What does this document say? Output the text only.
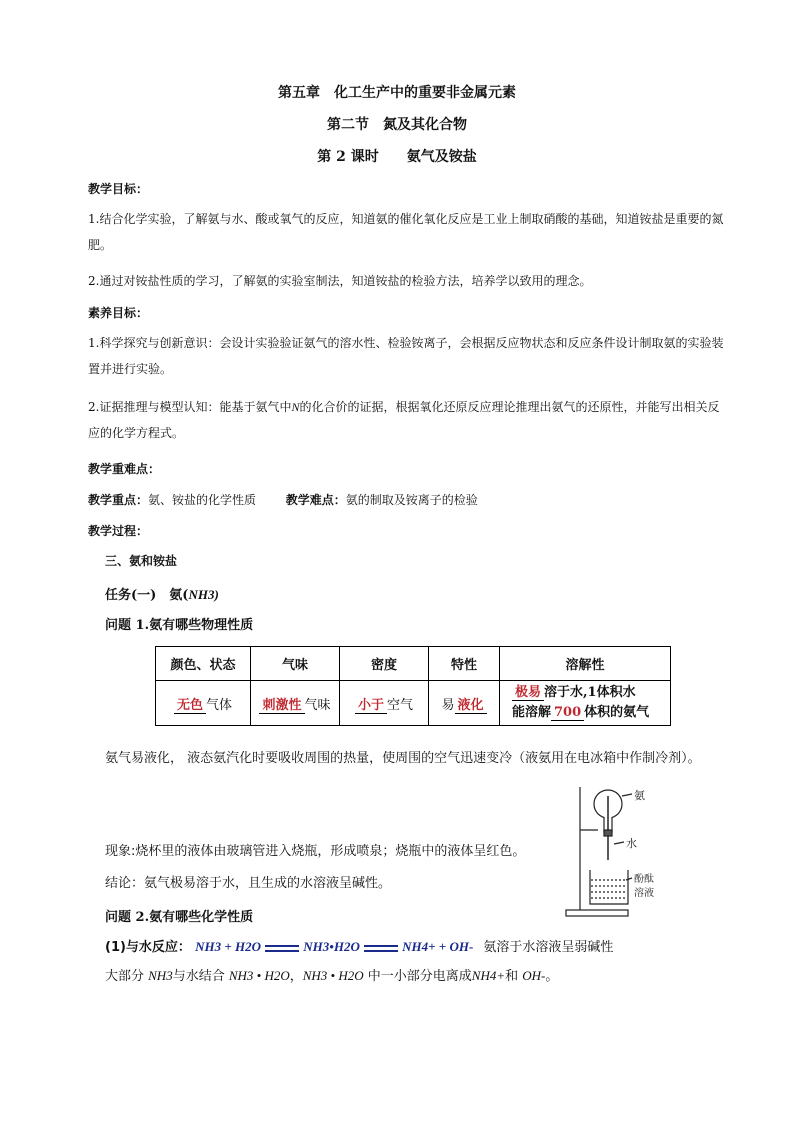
第五章　化工生产中的重要非金属元素
第二节　氮及其化合物
第 2 课时　　氨气及铵盐
教学目标：
1.结合化学实验，了解氨与水、酸或氧气的反应，知道氨的催化氧化反应是工业上制取硝酸的基础，知道铵盐是重要的氮肥。
2.通过对铵盐性质的学习，了解氨的实验室制法，知道铵盐的检验方法，培养学以致用的理念。
素养目标：
1.科学探究与创新意识：会设计实验验证氨气的溶水性、检验铵离子，会根据反应物状态和反应条件设计制取氨的实验装置并进行实验。
2.证据推理与模型认知：能基于氨气中N的化合价的证据，根据氧化还原反应理论推理出氨气的还原性，并能写出相关反应的化学方程式。
教学重难点：
教学重点：氨、铵盐的化学性质 教学难点：氨的制取及铵离子的检验
教学过程：
三、氨和铵盐
任务(一)　氨(NH3)
问题 1.氨有哪些物理性质
颜色、状态	气味	密度	特性	溶解性
无色 气体	刺激性 气味	小于 空气	易 液化	极易 溶于水,1体积水
能溶解 700 体积的氨气
氨气易液化， 液态氨汽化时要吸收周围的热量，使周围的空气迅速变冷（液氨用在电冰箱中作制冷剂）。
氨
水
酚酞
溶液
现象:烧杯里的液体由玻璃管进入烧瓶，形成喷泉；烧瓶中的液体呈红色。
结论：氨气极易溶于水，且生成的水溶液呈碱性。
问题 2.氨有哪些化学性质
(1)与水反应： NH3 + H2O	NH3•H2O	NH4+ + OH- 氨溶于水溶液呈弱碱性
大部分 NH3与水结合 NH3 • H2O，NH3 • H2O 中一小部分电离成NH4+和 OH-。
